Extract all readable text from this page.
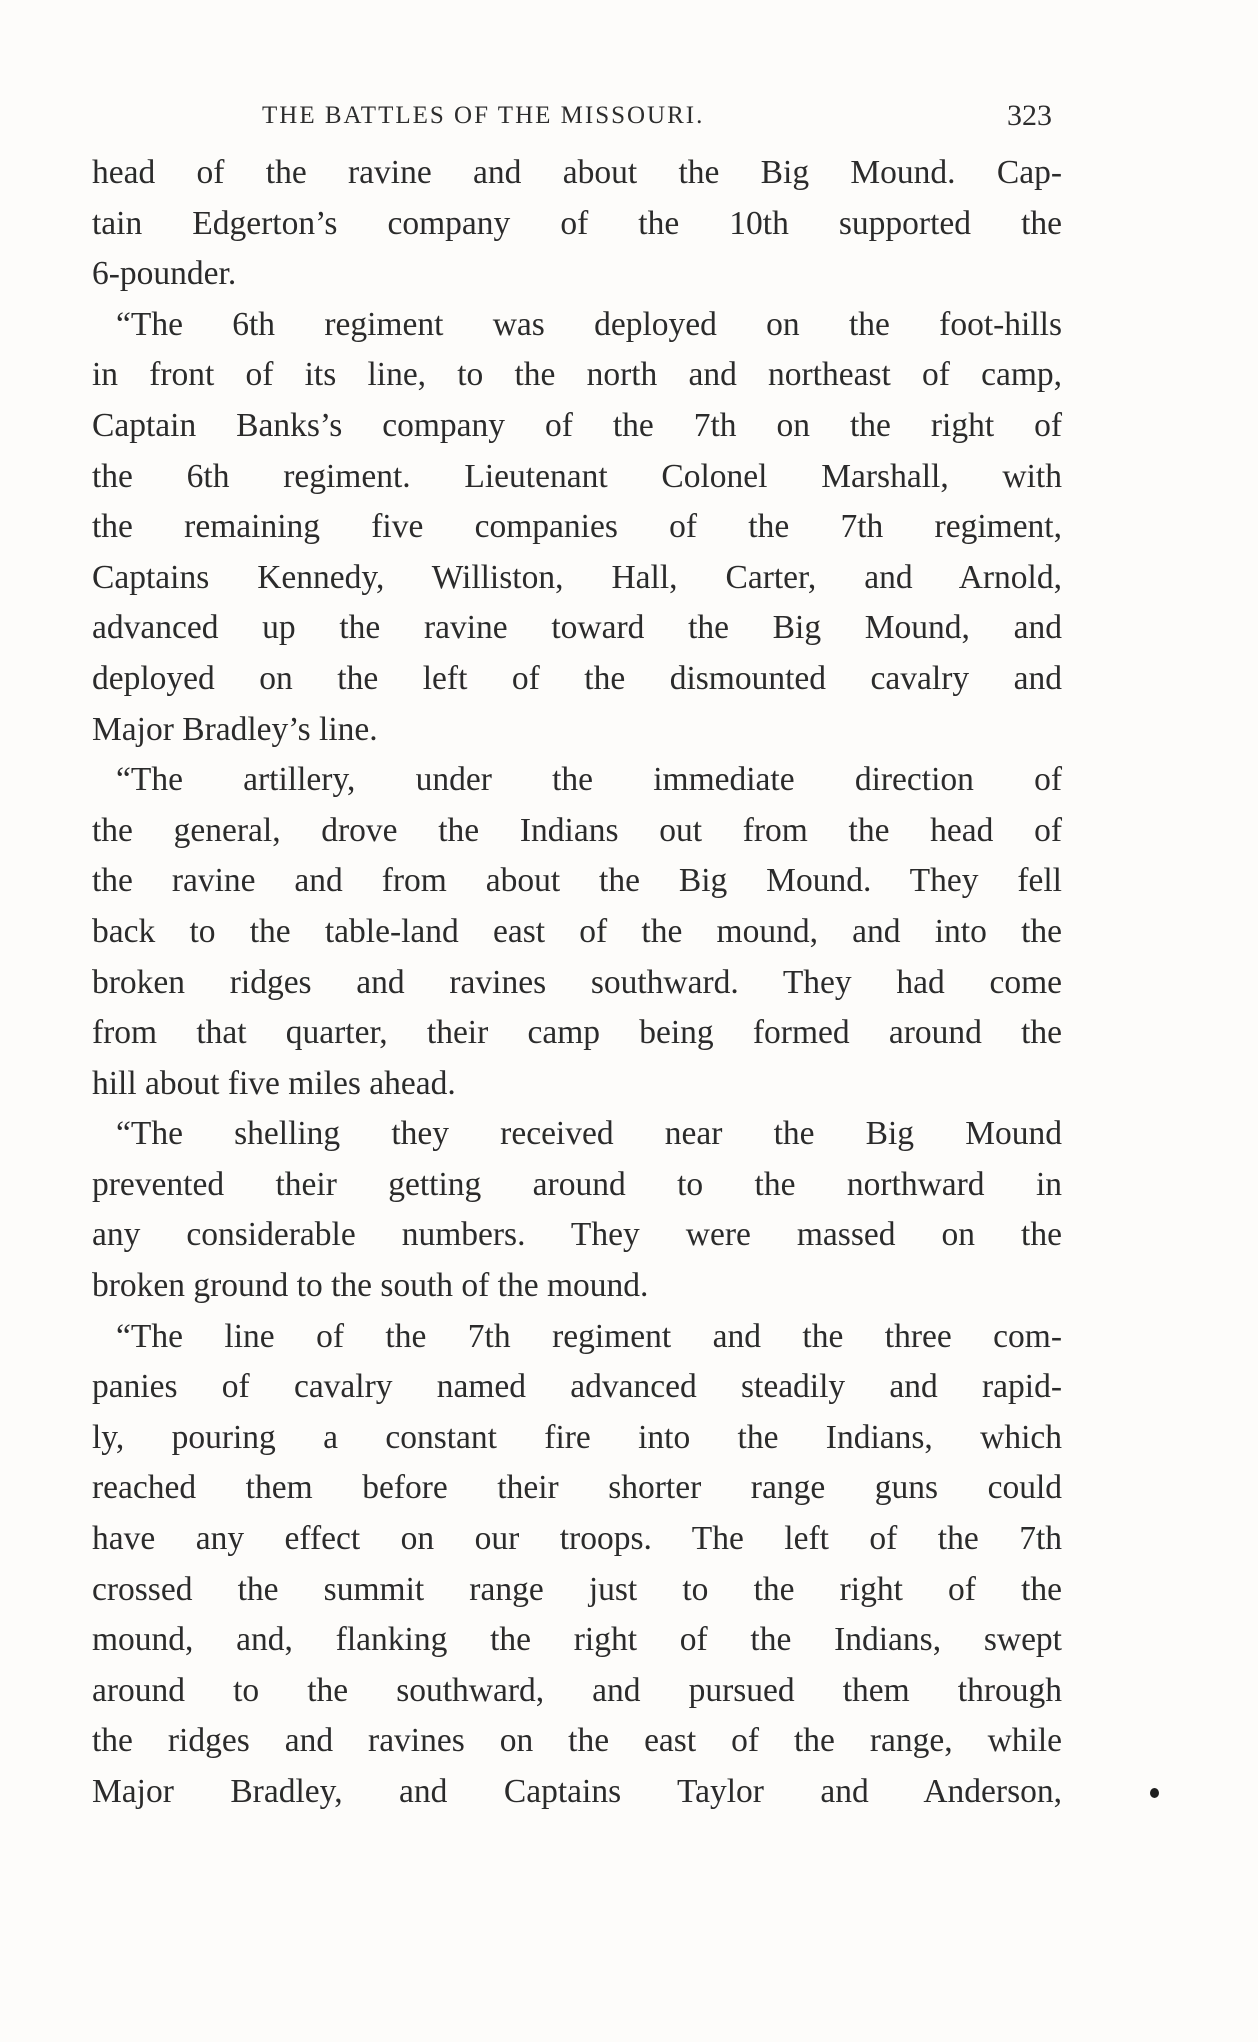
THE BATTLES OF THE MISSOURI.	323
head of the ravine and about the Big Mound. Cap-
tain Edgerton’s company of the 10th supported the
6-pounder.
“The 6th regiment was deployed on the foot-hills
in front of its line, to the north and northeast of camp,
Captain Banks’s company of the 7th on the right of
the 6th regiment. Lieutenant Colonel Marshall, with
the remaining five companies of the 7th regiment,
Captains Kennedy, Williston, Hall, Carter, and Arnold,
advanced up the ravine toward the Big Mound, and
deployed on the left of the dismounted cavalry and
Major Bradley’s line.
“The artillery, under the immediate direction of
the general, drove the Indians out from the head of
the ravine and from about the Big Mound. They fell
back to the table-land east of the mound, and into the
broken ridges and ravines southward. They had come
from that quarter, their camp being formed around the
hill about five miles ahead.
“The shelling they received near the Big Mound
prevented their getting around to the northward in
any considerable numbers. They were massed on the
broken ground to the south of the mound.
“The line of the 7th regiment and the three com-
panies of cavalry named advanced steadily and rapid-
ly, pouring a constant fire into the Indians, which
reached them before their shorter range guns could
have any effect on our troops. The left of the 7th
crossed the summit range just to the right of the
mound, and, flanking the right of the Indians, swept
around to the southward, and pursued them through
the ridges and ravines on the east of the range, while
Major Bradley, and Captains Taylor and Anderson,
